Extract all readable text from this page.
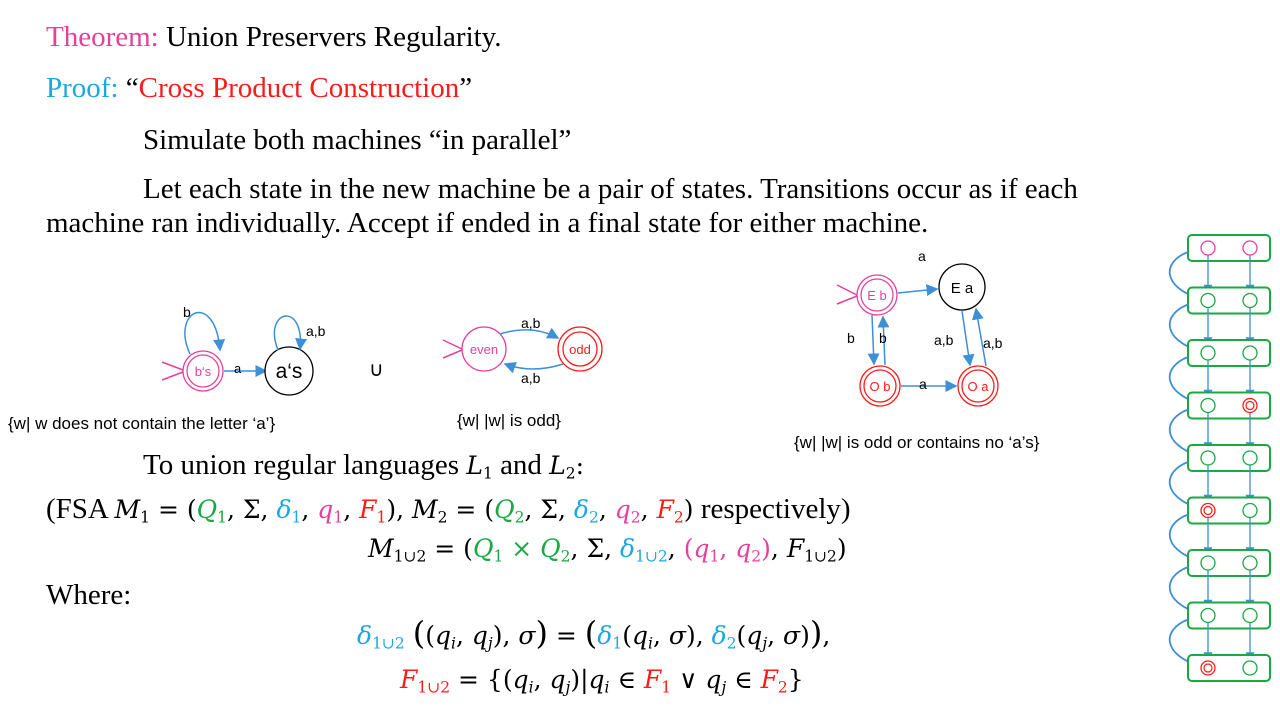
Theorem: Union Preservers Regularity.
Proof: “Cross Product Construction”
Simulate both machines “in parallel”
Let each state in the new machine be a pair of states. Transitions occur as if each
machine ran individually. Accept if ended in a final state for either machine.
b‘s
b
a a‘s
a,b
∪
even	odd
a,b
a,b
{w| w does not contain the letter ‘a’}	{w| |w| is odd}
a
E b	E a
O b	O a
b b	a,b a,b
a
{w| |w| is odd or contains no ‘a’s}
To union regular languages $L_1$ and $L_2$:
(FSA $M_1 = (Q_1$, Σ, $\delta_1$, $q_1$, $F_1$), $M_2 = (Q_2$, Σ, $\delta_2$, $q_2$, $F_2$) respectively)
$M_{1\cup 2} = (Q_1 \times Q_2$, Σ, $\delta_{1\cup 2}$, ($q_1$, $q_2$), $F_{1\cup 2}$)
Where:
$\delta_{1\cup 2}$ (($q_i$, $q_j$), $\sigma) = (\delta_1(q_i$, σ), $\delta_2(q_j$, σ)),
$F_{1\cup 2} = \{(q_i$, $q_j)|q_i$ ∈ $F_1$ ∨ $q_j$ ∈ $F_2$}
